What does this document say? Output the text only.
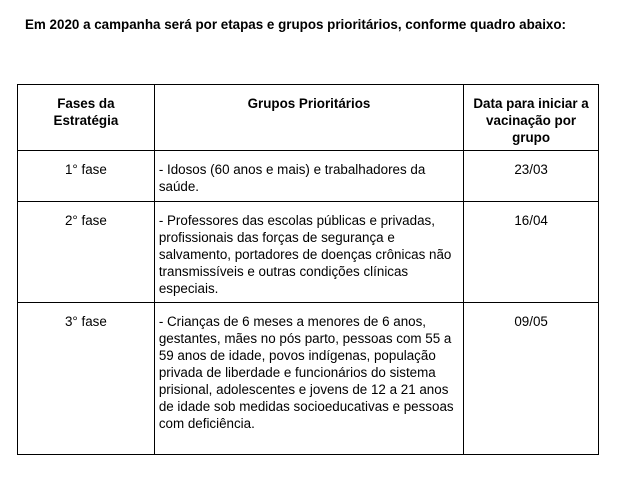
Em 2020 a campanha será por etapas e grupos prioritários, conforme quadro abaixo:
Fases da Estratégia	Grupos Prioritários	Data para iniciar a vacinação por grupo
1° fase	- Idosos (60 anos e mais) e trabalhadores da saúde.	23/03
2° fase	- Professores das escolas públicas e privadas, profissionais das forças de segurança e salvamento, portadores de doenças crônicas não transmissíveis e outras condições clínicas especiais.	16/04
3° fase	- Crianças de 6 meses a menores de 6 anos, gestantes, mães no pós parto, pessoas com 55 a 59 anos de idade, povos indígenas, população privada de liberdade e funcionários do sistema prisional, adolescentes e jovens de 12 a 21 anos de idade sob medidas socioeducativas e pessoas com deficiência.	09/05
